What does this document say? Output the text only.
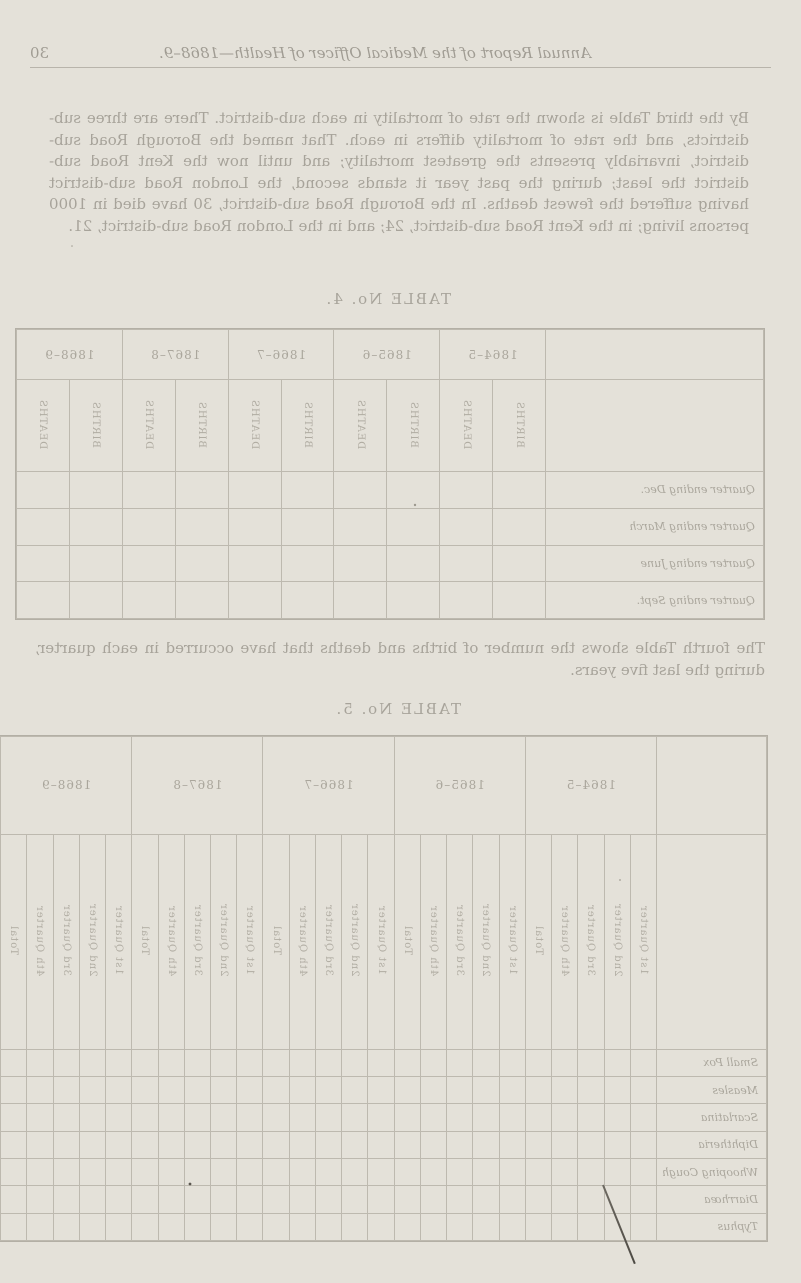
30	Annual Report of the Medical Officer of Health—1868–9.
By the third Table is shown the rate of mortality in each sub-district. There are three sub-districts, and the rate of mortality differs in each. That named the Borough Road sub-district, invariably presents the greatest mortality; and until now the Kent Road sub-district the least; during the past year it stands second, the London Road sub-district having suffered the fewest deaths. In the Borough Road sub-district, 30 have died in 1000 persons living; in the Kent Road sub-district, 24; and in the London Road sub-district, 21.
TABLE No. 4.
	1864–5		1865–6		1866–7		1867–8		1868–9	
	BIRTHS	DEATHS	BIRTHS	DEATHS	BIRTHS	DEATHS	BIRTHS	DEATHS	BIRTHS	DEATHS
Quarter ending Dec.										
Quarter ending March										
Quarter ending June										
Quarter ending Sept.										
The fourth Table shows the number of births and deaths that have occurred in each quarter, during the last five years.
TABLE No. 5.
	1864–5					1865–6					1866–7					1867–8					1868–9				
	1st Quarter	2nd Quarter	3rd Quarter	4th Quarter	Total	1st Quarter	2nd Quarter	3rd Quarter	4th Quarter	Total	1st Quarter	2nd Quarter	3rd Quarter	4th Quarter	Total	1st Quarter	2nd Quarter	3rd Quarter	4th Quarter	Total	1st Quarter	2nd Quarter	3rd Quarter	4th Quarter	Total
Small Pox																									
Measles																									
Scarlatina																									
Diphtheria																									
Whooping Cough																									
Diarrhœa																									
Typhus																									
